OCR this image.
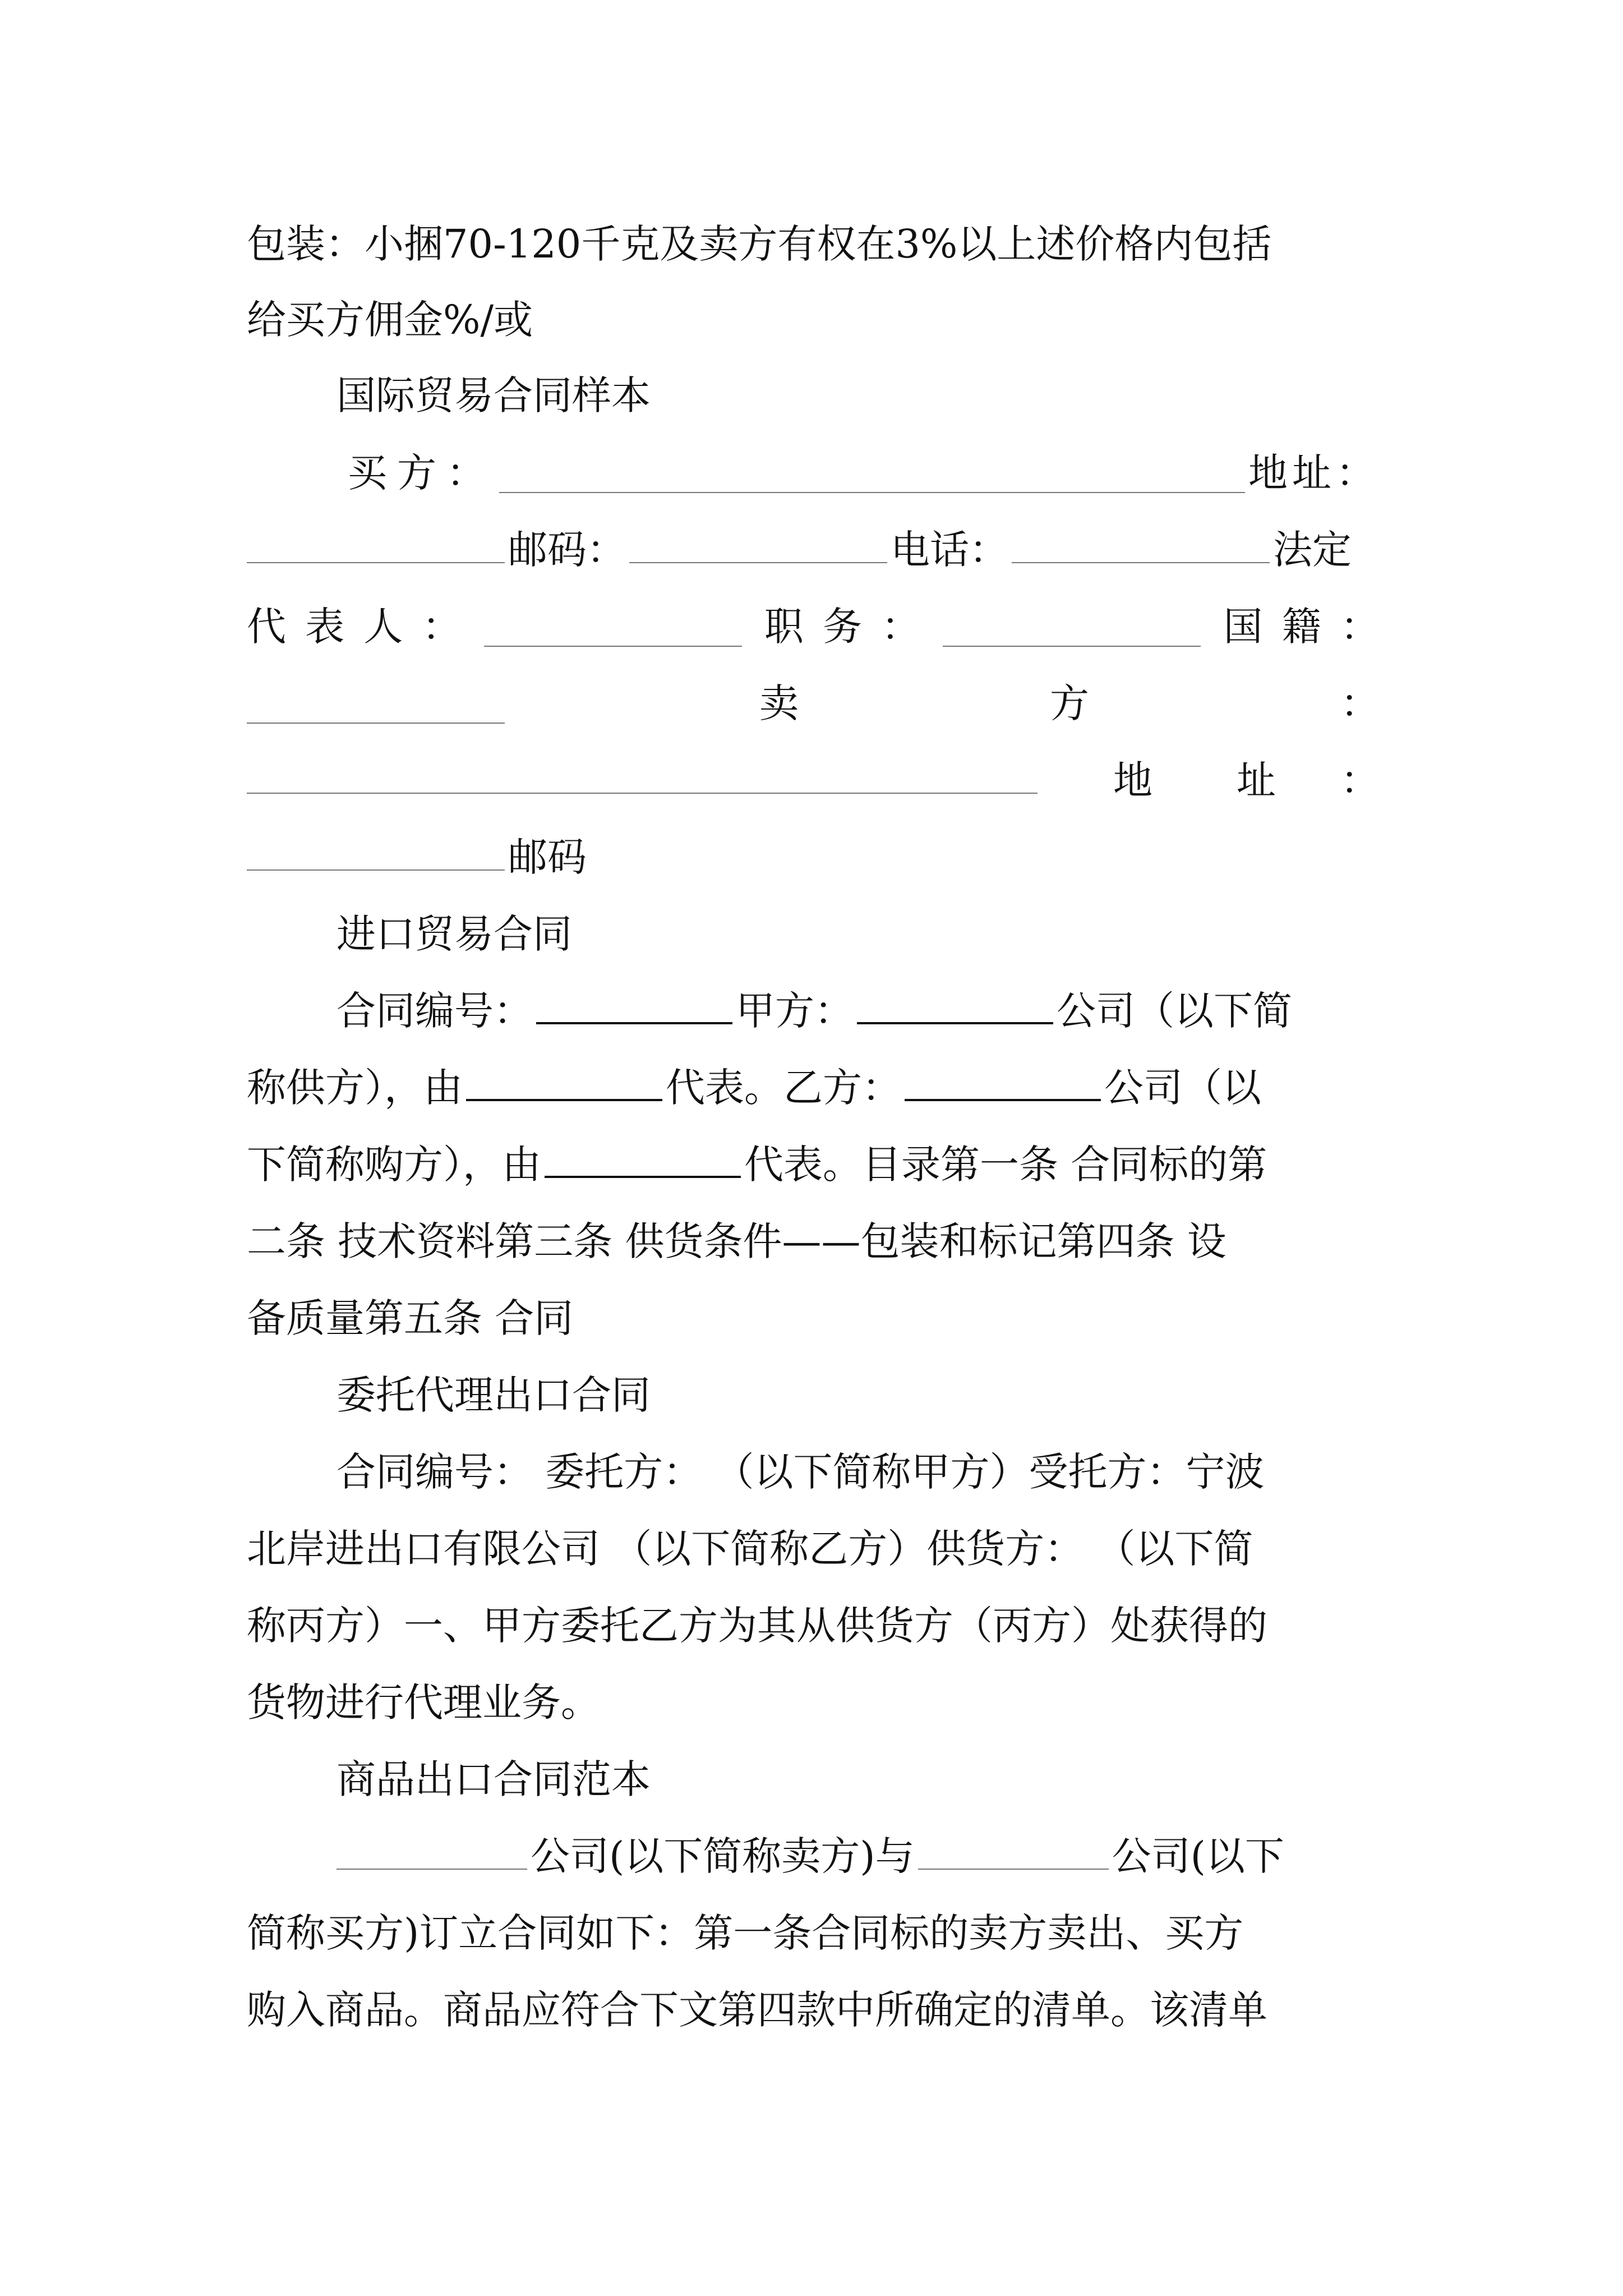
包装：小捆70-120千克及卖方有权在3%以上述价格内包括
给买方佣金%/或
国际贸易合同样本
买方：	地址：
邮码：	电话：	法定
代 表 人 ：	职 务 ：	国 籍 ：
卖	方	：
地 址 ：
邮码
进口贸易合同
合同编号：	甲方：	公司（以下简
称供方），由	代表。乙方：	公司（以
下简称购方），由	代表。目录第一条 合同标的第
二条 技术资料第三条 供货条件——包装和标记第四条 设
备质量第五条 合同
委托代理出口合同
合同编号： 委托方： （以下简称甲方）受托方：宁波
北岸进出口有限公司 （以下简称乙方）供货方： （以下简
称丙方）一、甲方委托乙方为其从供货方（丙方）处获得的
货物进行代理业务。
商品出口合同范本
公司(以下简称卖方)与	公司(以下
简称买方)订立合同如下：第一条合同标的卖方卖出、买方
购入商品。商品应符合下文第四款中所确定的清单。该清单
